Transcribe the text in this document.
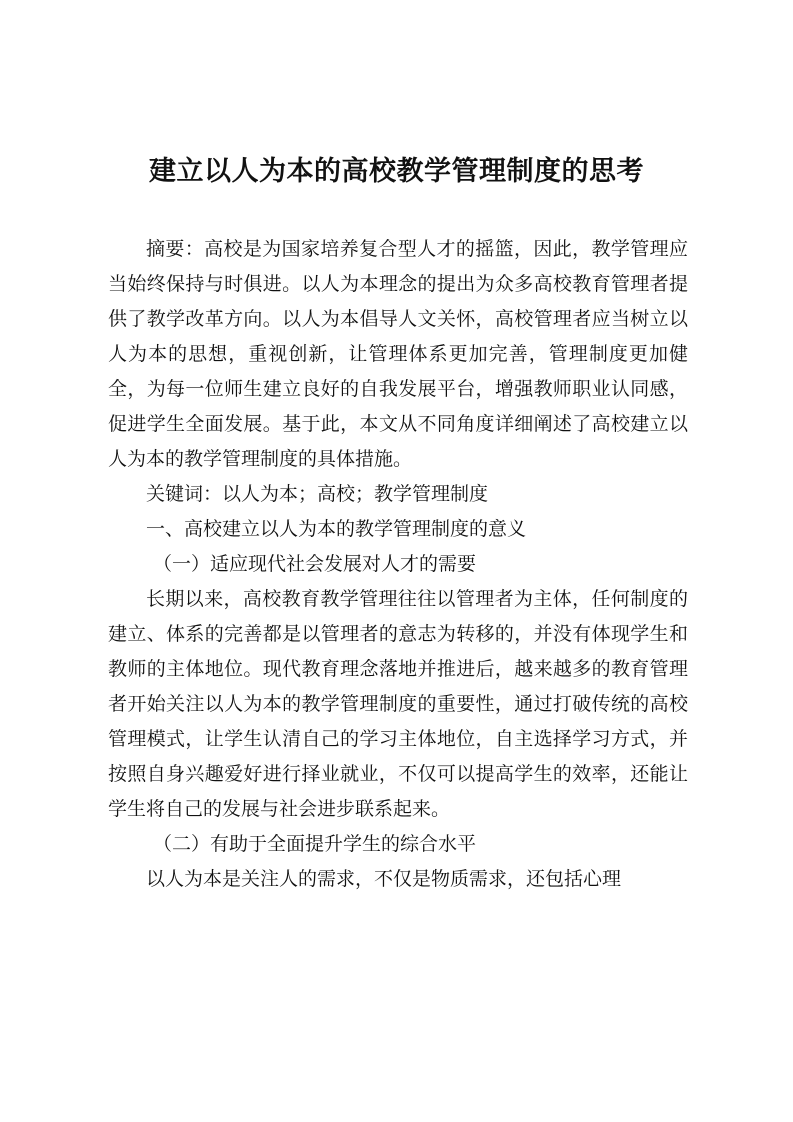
建立以人为本的高校教学管理制度的思考

摘要：高校是为国家培养复合型人才的摇篮，因此，教学管理应当始终保持与时俱进。以人为本理念的提出为众多高校教育管理者提供了教学改革方向。以人为本倡导人文关怀，高校管理者应当树立以人为本的思想，重视创新，让管理体系更加完善，管理制度更加健全，为每一位师生建立良好的自我发展平台，增强教师职业认同感，促进学生全面发展。基于此，本文从不同角度详细阐述了高校建立以人为本的教学管理制度的具体措施。

关键词：以人为本；高校；教学管理制度

一、高校建立以人为本的教学管理制度的意义

（一）适应现代社会发展对人才的需要

长期以来，高校教育教学管理往往以管理者为主体，任何制度的建立、体系的完善都是以管理者的意志为转移的，并没有体现学生和教师的主体地位。现代教育理念落地并推进后，越来越多的教育管理者开始关注以人为本的教学管理制度的重要性，通过打破传统的高校管理模式，让学生认清自己的学习主体地位，自主选择学习方式，并按照自身兴趣爱好进行择业就业，不仅可以提高学生的效率，还能让学生将自己的发展与社会进步联系起来。

（二）有助于全面提升学生的综合水平

以人为本是关注人的需求，不仅是物质需求，还包括心理
